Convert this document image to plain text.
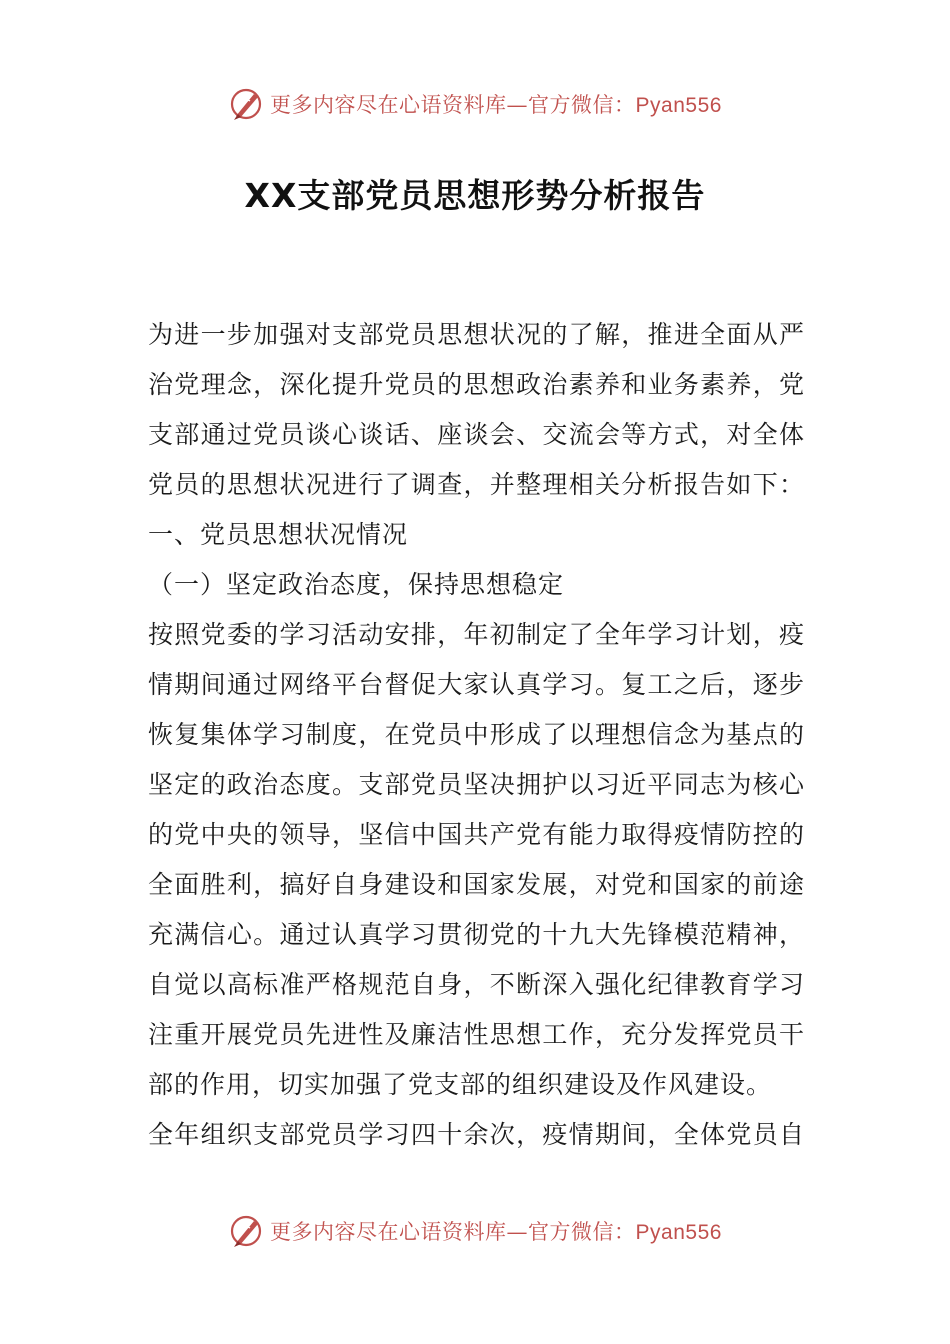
更多内容尽在心语资料库—官方微信：Pyan556
XX支部党员思想形势分析报告
为进一步加强对支部党员思想状况的了解，推进全面从严
治党理念，深化提升党员的思想政治素养和业务素养，党
支部通过党员谈心谈话、座谈会、交流会等方式，对全体
党员的思想状况进行了调查，并整理相关分析报告如下：
一、党员思想状况情况
（一）坚定政治态度，保持思想稳定
按照党委的学习活动安排，年初制定了全年学习计划，疫
情期间通过网络平台督促大家认真学习。复工之后，逐步
恢复集体学习制度，在党员中形成了以理想信念为基点的
坚定的政治态度。支部党员坚决拥护以习近平同志为核心
的党中央的领导，坚信中国共产党有能力取得疫情防控的
全面胜利，搞好自身建设和国家发展，对党和国家的前途
充满信心。通过认真学习贯彻党的十九大先锋模范精神，
自觉以高标准严格规范自身，不断深入强化纪律教育学习
注重开展党员先进性及廉洁性思想工作，充分发挥党员干
部的作用，切实加强了党支部的组织建设及作风建设。
全年组织支部党员学习四十余次，疫情期间，全体党员自
更多内容尽在心语资料库—官方微信：Pyan556
